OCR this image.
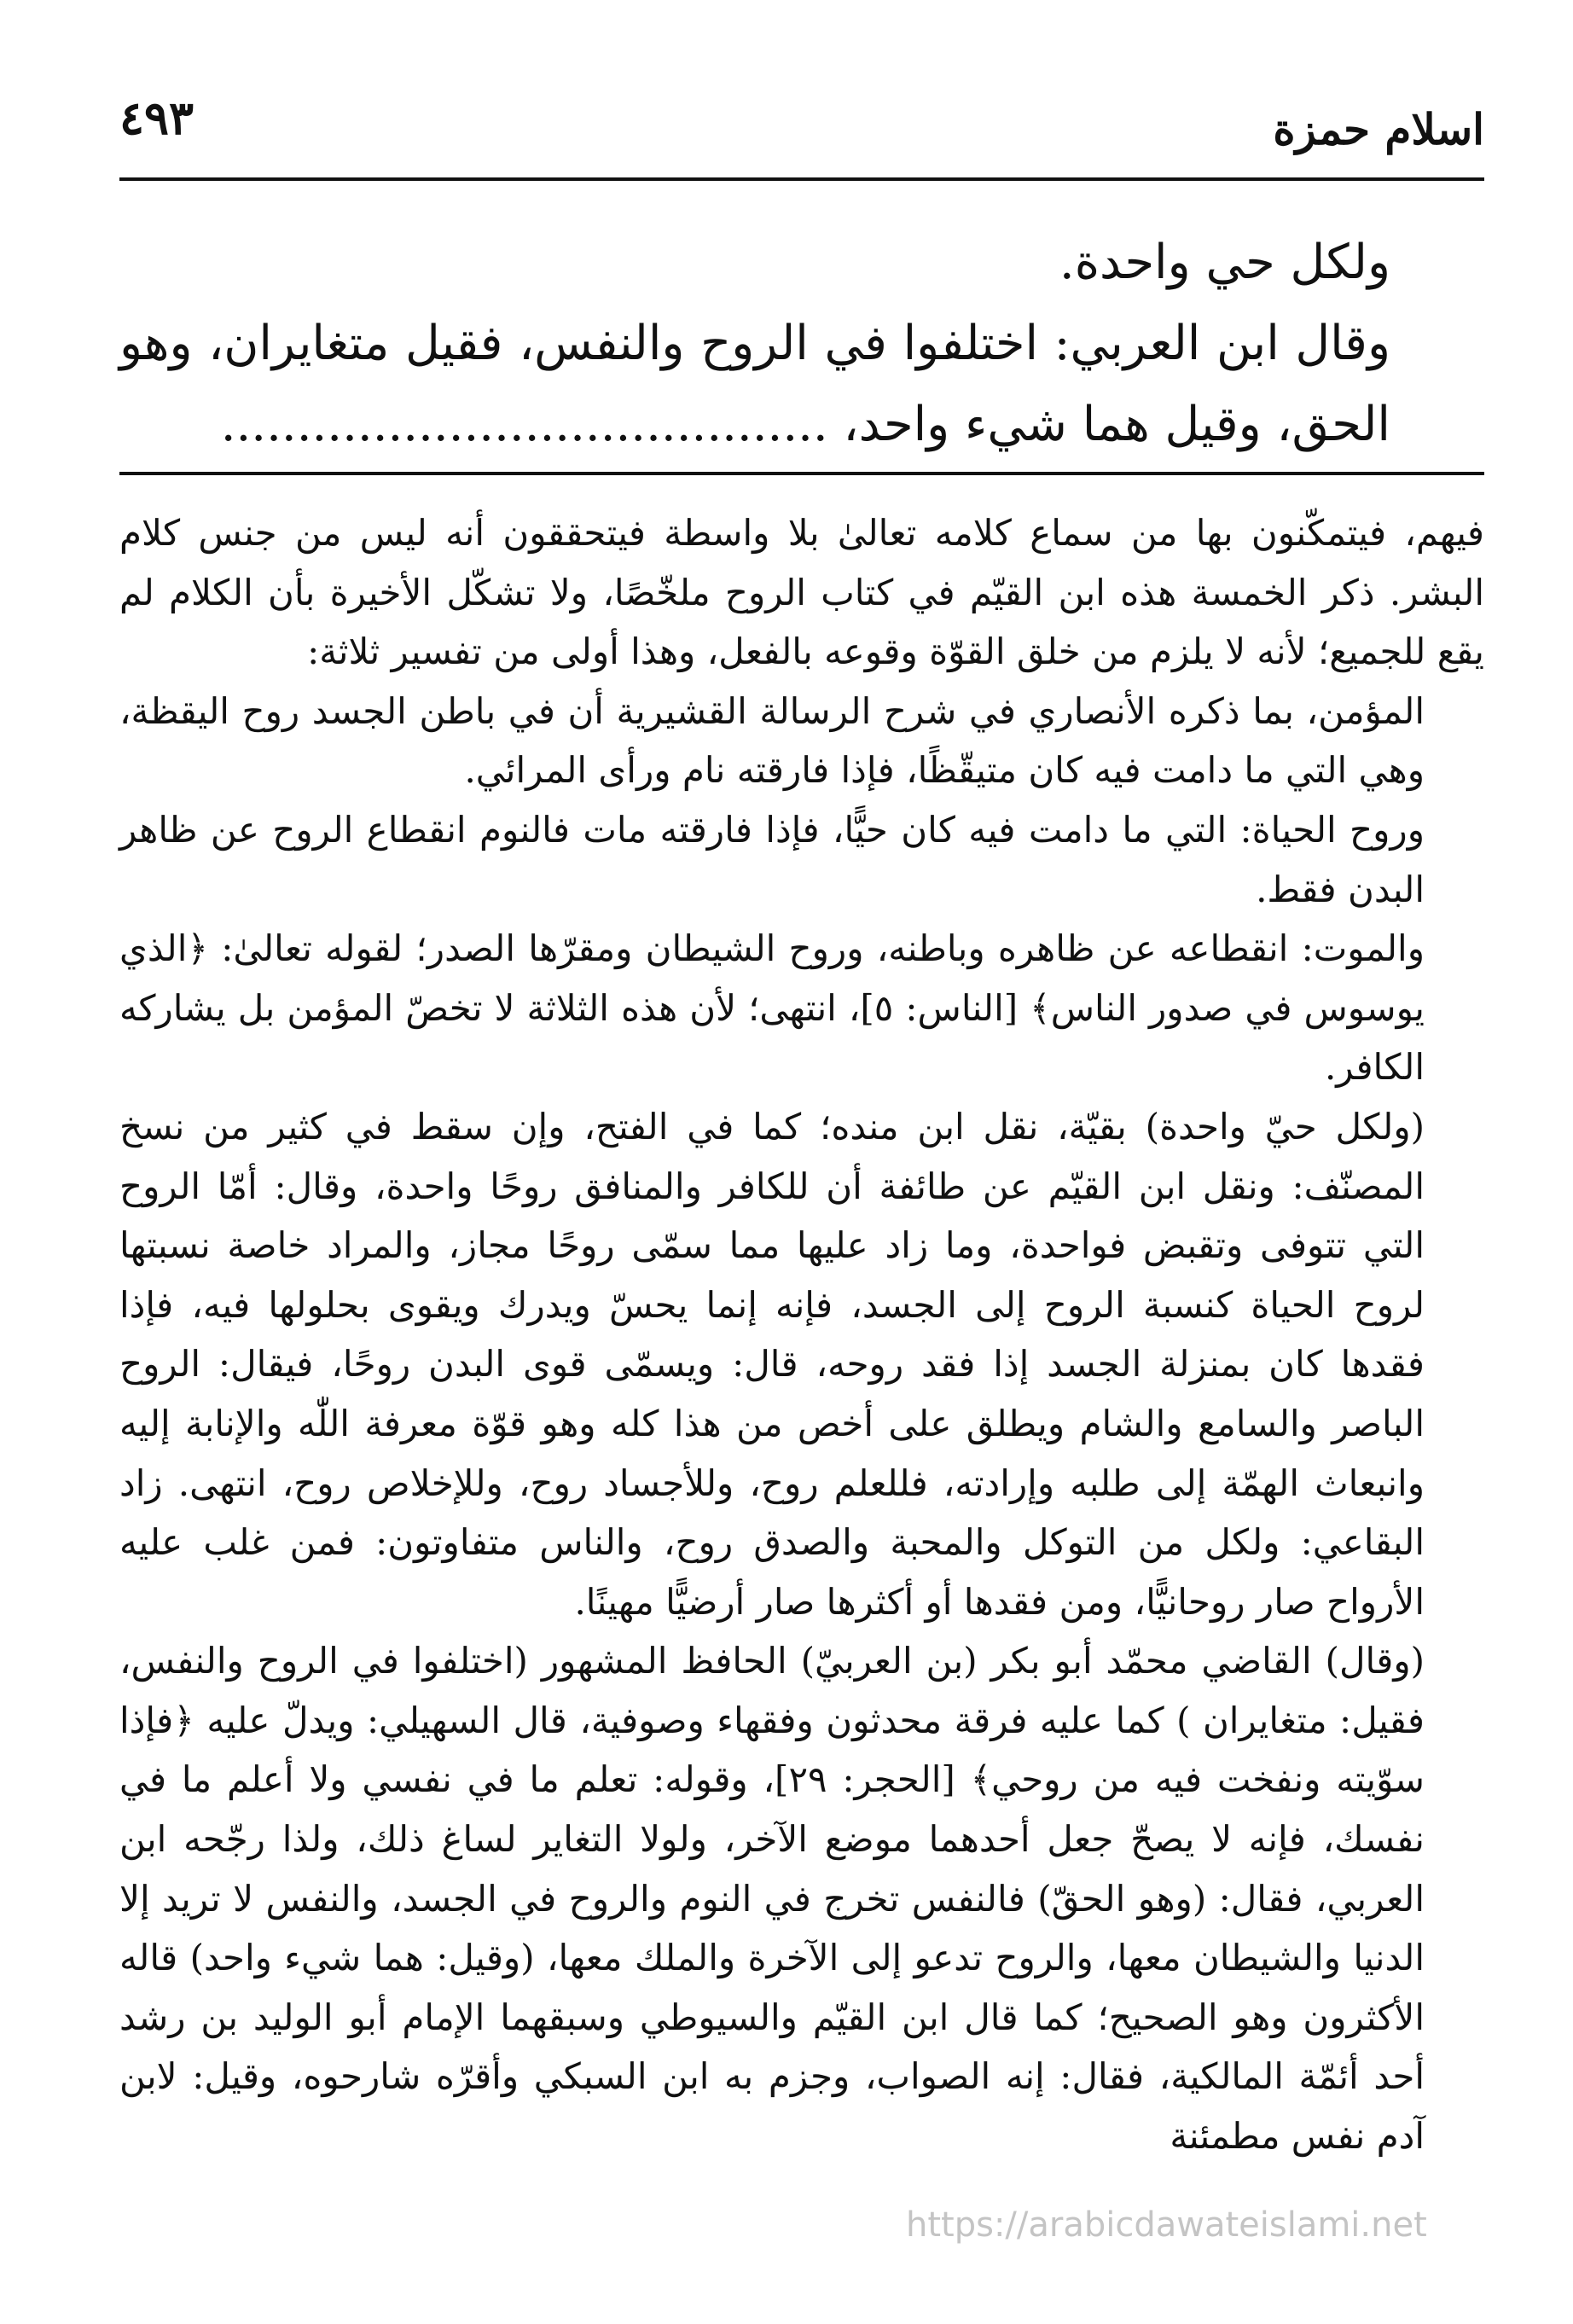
اسلام حمزة
٤٩٣

ولكل حي واحدة.

وقال ابن العربي: اختلفوا في الروح والنفس، فقيل متغايران، وهو الحق، وقيل هما شيء واحد، ........................................

فيهم، فيتمكّنون بها من سماع كلامه تعالىٰ بلا واسطة فيتحققون أنه ليس من جنس كلام البشر. ذكر الخمسة هذه ابن القيّم في كتاب الروح ملخّصًا، ولا تشكّل الأخيرة بأن الكلام لم يقع للجميع؛ لأنه لا يلزم من خلق القوّة وقوعه بالفعل، وهذا أولى من تفسير ثلاثة:

المؤمن، بما ذكره الأنصاري في شرح الرسالة القشيرية أن في باطن الجسد روح اليقظة، وهي التي ما دامت فيه كان متيقّظًا، فإذا فارقته نام ورأى المرائي.

وروح الحياة: التي ما دامت فيه كان حيًّا، فإذا فارقته مات فالنوم انقطاع الروح عن ظاهر البدن فقط.

والموت: انقطاعه عن ظاهره وباطنه، وروح الشيطان ومقرّها الصدر؛ لقوله تعالىٰ: ﴿الذي يوسوس في صدور الناس﴾ [الناس: ٥]، انتهى؛ لأن هذه الثلاثة لا تخصّ المؤمن بل يشاركه الكافر.

(ولكل حيّ واحدة) بقيّة، نقل ابن منده؛ كما في الفتح، وإن سقط في كثير من نسخ المصنّف: ونقل ابن القيّم عن طائفة أن للكافر والمنافق روحًا واحدة، وقال: أمّا الروح التي تتوفى وتقبض فواحدة، وما زاد عليها مما سمّى روحًا مجاز، والمراد خاصة نسبتها لروح الحياة كنسبة الروح إلى الجسد، فإنه إنما يحسّ ويدرك ويقوى بحلولها فيه، فإذا فقدها كان بمنزلة الجسد إذا فقد روحه، قال: ويسمّى قوى البدن روحًا، فيقال: الروح الباصر والسامع والشام ويطلق على أخص من هذا كله وهو قوّة معرفة اللّٰه والإنابة إليه وانبعاث الهمّة إلى طلبه وإرادته، فللعلم روح، وللأجساد روح، وللإخلاص روح، انتهى. زاد البقاعي: ولكل من التوكل والمحبة والصدق روح، والناس متفاوتون: فمن غلب عليه الأرواح صار روحانيًّا، ومن فقدها أو أكثرها صار أرضيًّا مهينًا.

(وقال) القاضي محمّد أبو بكر (بن العربيّ) الحافظ المشهور (اختلفوا في الروح والنفس، فقيل: متغايران ) كما عليه فرقة محدثون وفقهاء وصوفية، قال السهيلي: ويدلّ عليه ﴿فإذا سوّيته ونفخت فيه من روحي﴾ [الحجر: ٢٩]، وقوله: تعلم ما في نفسي ولا أعلم ما في نفسك، فإنه لا يصحّ جعل أحدهما موضع الآخر، ولولا التغاير لساغ ذلك، ولذا رجّحه ابن العربي، فقال: (وهو الحقّ) فالنفس تخرج في النوم والروح في الجسد، والنفس لا تريد إلا الدنيا والشيطان معها، والروح تدعو إلى الآخرة والملك معها، (وقيل: هما شيء واحد) قاله الأكثرون وهو الصحيح؛ كما قال ابن القيّم والسيوطي وسبقهما الإمام أبو الوليد بن رشد أحد أئمّة المالكية، فقال: إنه الصواب، وجزم به ابن السبكي وأقرّه شارحوه، وقيل: لابن آدم نفس مطمئنة

https://arabicdawateislami.net
